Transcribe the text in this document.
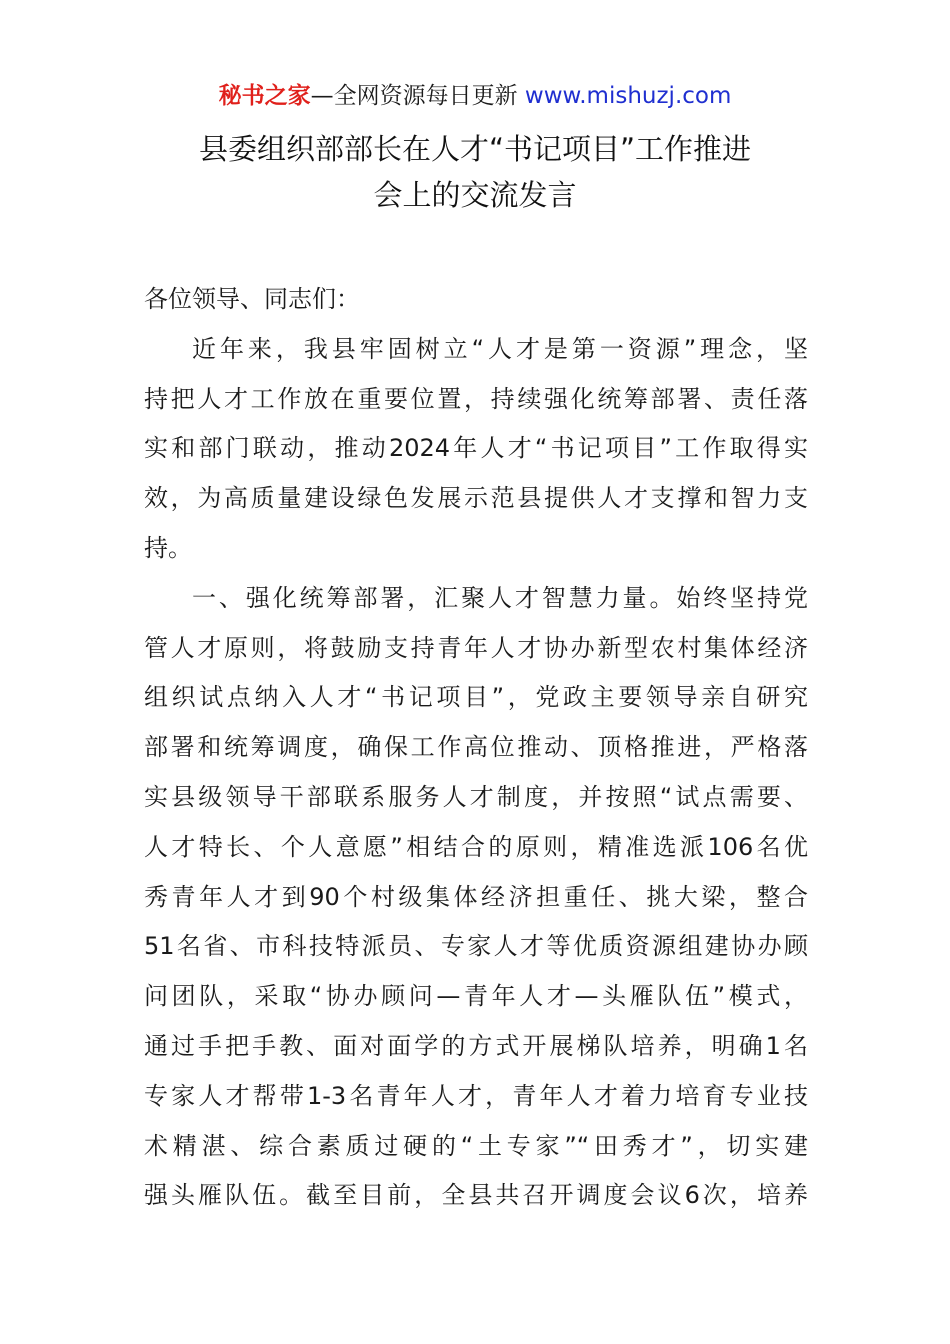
秘书之家—全网资源每日更新 www.mishuzj.com
县委组织部部长在人才“书记项目”工作推进
会上的交流发言
各位领导、同志们：
近年来，我县牢固树立“人才是第一资源”理念，坚
持把人才工作放在重要位置，持续强化统筹部署、责任落
实和部门联动，推动2024年人才“书记项目”工作取得实
效，为高质量建设绿色发展示范县提供人才支撑和智力支
持。
一、强化统筹部署，汇聚人才智慧力量。始终坚持党
管人才原则，将鼓励支持青年人才协办新型农村集体经济
组织试点纳入人才“书记项目”，党政主要领导亲自研究
部署和统筹调度，确保工作高位推动、顶格推进，严格落
实县级领导干部联系服务人才制度，并按照“试点需要、
人才特长、个人意愿”相结合的原则，精准选派106名优
秀青年人才到90个村级集体经济担重任、挑大梁，整合
51名省、市科技特派员、专家人才等优质资源组建协办顾
问团队，采取“协办顾问—青年人才—头雁队伍”模式，
通过手把手教、面对面学的方式开展梯队培养，明确1名
专家人才帮带1-3名青年人才，青年人才着力培育专业技
术精湛、综合素质过硬的“土专家”“田秀才”，切实建
强头雁队伍。截至目前，全县共召开调度会议6次，培养
